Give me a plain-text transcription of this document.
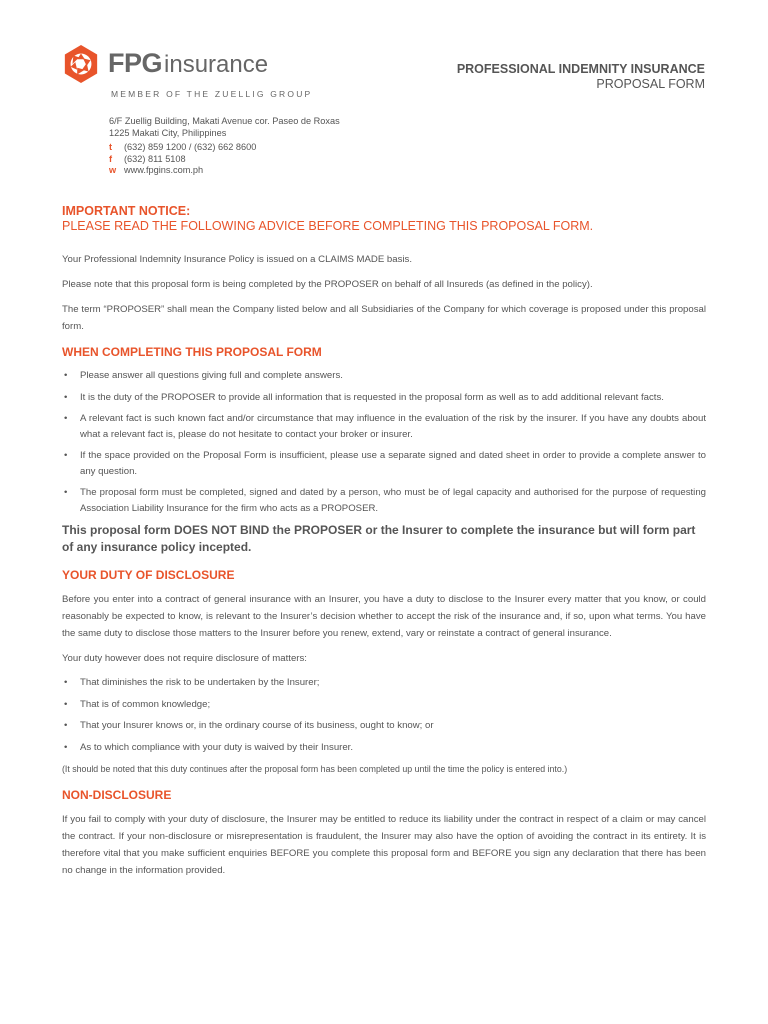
FPGinsurance
MEMBER OF THE ZUELLIG GROUP
PROFESSIONAL INDEMNITY INSURANCE
PROPOSAL FORM
6/F Zuellig Building, Makati Avenue cor. Paseo de Roxas
1225 Makati City, Philippines
t (632) 859 1200 / (632) 662 8600
f (632) 811 5108
w www.fpgins.com.ph
IMPORTANT NOTICE:
PLEASE READ THE FOLLOWING ADVICE BEFORE COMPLETING THIS PROPOSAL FORM.

Your Professional Indemnity Insurance Policy is issued on a CLAIMS MADE basis.

Please note that this proposal form is being completed by the PROPOSER on behalf of all Insureds (as defined in the policy).

The term “PROPOSER” shall mean the Company listed below and all Subsidiaries of the Company for which coverage is proposed under this proposal form.

WHEN COMPLETING THIS PROPOSAL FORM
• Please answer all questions giving full and complete answers.
• It is the duty of the PROPOSER to provide all information that is requested in the proposal form as well as to add additional relevant facts.
• A relevant fact is such known fact and/or circumstance that may influence in the evaluation of the risk by the insurer. If you have any doubts about what a relevant fact is, please do not hesitate to contact your broker or insurer.
• If the space provided on the Proposal Form is insufficient, please use a separate signed and dated sheet in order to provide a complete answer to any question.
• The proposal form must be completed, signed and dated by a person, who must be of legal capacity and authorised for the purpose of requesting Association Liability Insurance for the firm who acts as a PROPOSER.

This proposal form DOES NOT BIND the PROPOSER or the Insurer to complete the insurance but will form part of any insurance policy incepted.

YOUR DUTY OF DISCLOSURE

Before you enter into a contract of general insurance with an Insurer, you have a duty to disclose to the Insurer every matter that you know, or could reasonably be expected to know, is relevant to the Insurer’s decision whether to accept the risk of the insurance and, if so, upon what terms. You have the same duty to disclose those matters to the Insurer before you renew, extend, vary or reinstate a contract of general insurance.

Your duty however does not require disclosure of matters:

• That diminishes the risk to be undertaken by the Insurer;
• That is of common knowledge;
• That your Insurer knows or, in the ordinary course of its business, ought to know; or
• As to which compliance with your duty is waived by their Insurer.

(It should be noted that this duty continues after the proposal form has been completed up until the time the policy is entered into.)

NON-DISCLOSURE

If you fail to comply with your duty of disclosure, the Insurer may be entitled to reduce its liability under the contract in respect of a claim or may cancel the contract. If your non-disclosure or misrepresentation is fraudulent, the Insurer may also have the option of avoiding the contract in its entirety. It is therefore vital that you make sufficient enquiries BEFORE you complete this proposal form and BEFORE you sign any declaration that there has been no change in the information provided.
